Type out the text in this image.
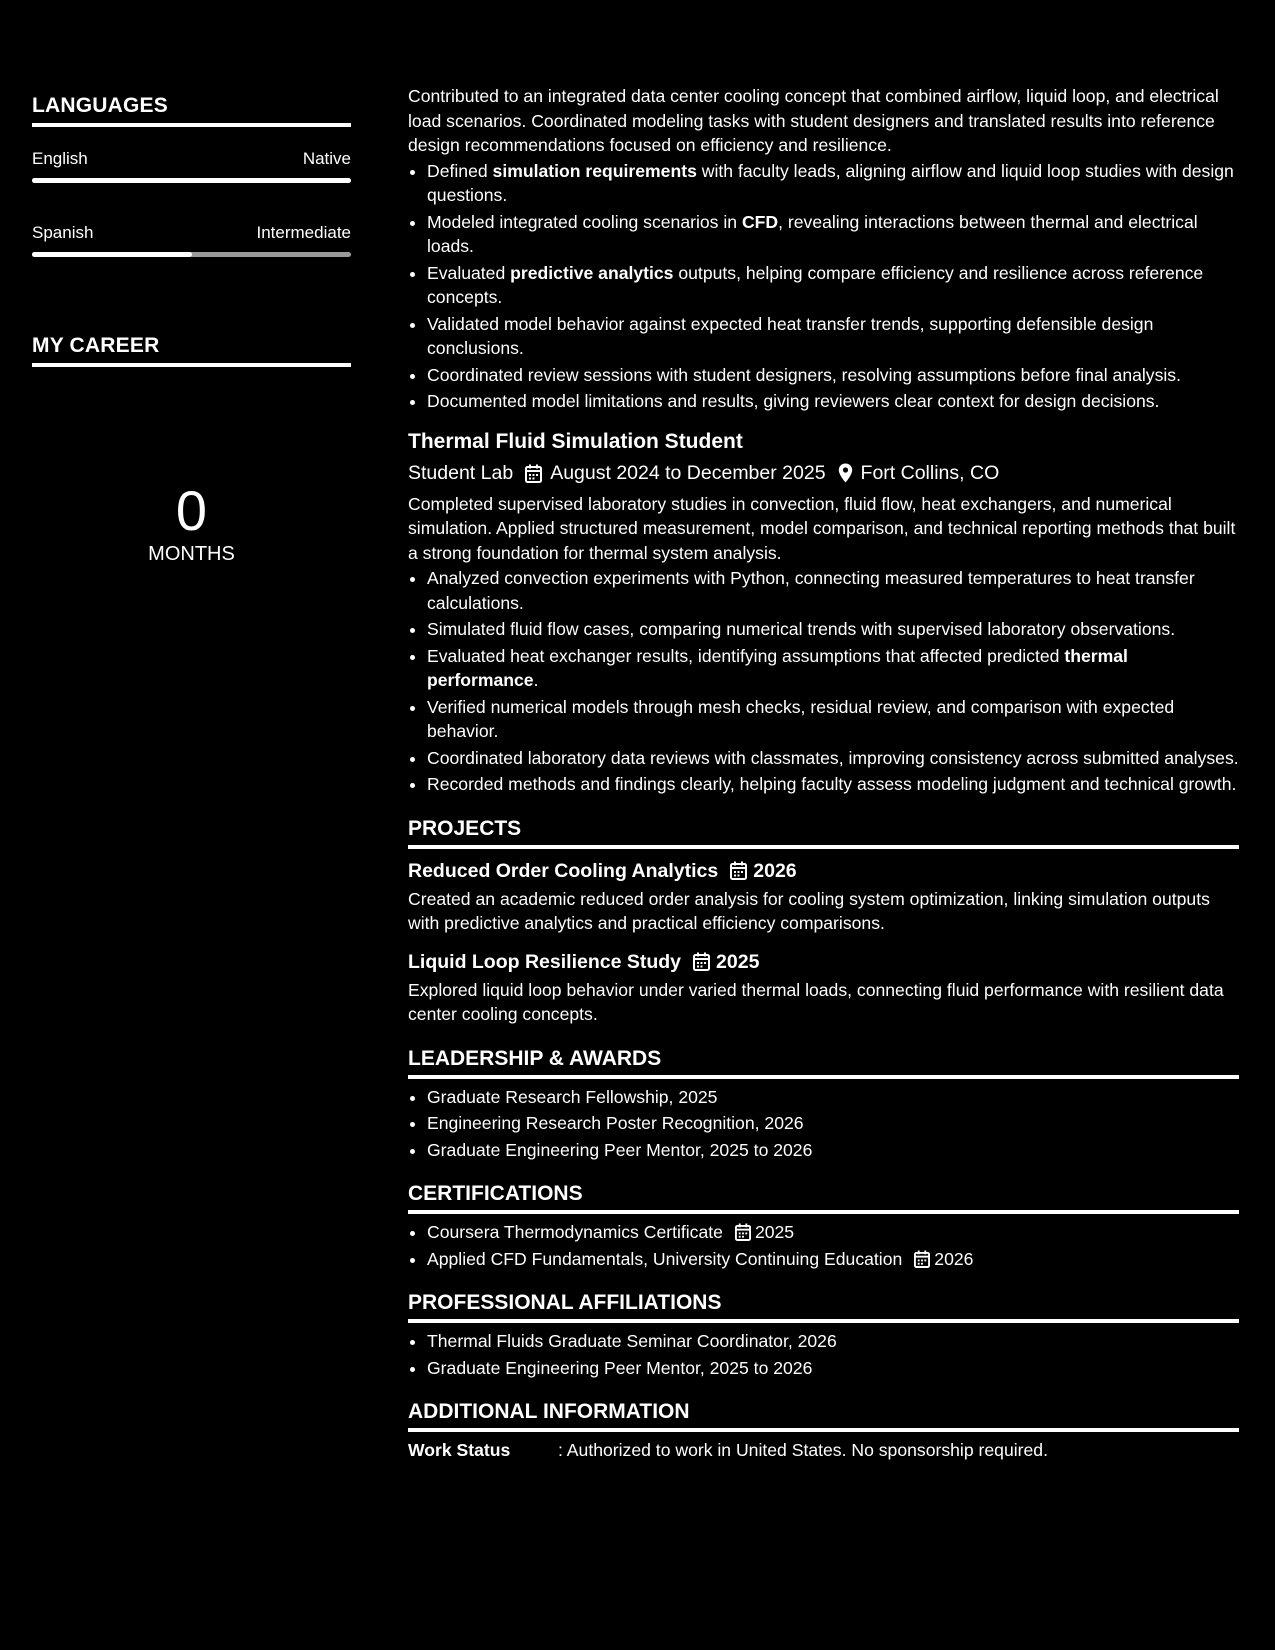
LANGUAGES
English	Native
Spanish	Intermediate
MY CAREER
0
MONTHS

Contributed to an integrated data center cooling concept that combined airflow, liquid loop, and electrical load scenarios. Coordinated modeling tasks with student designers and translated results into reference design recommendations focused on efficiency and resilience.

• Defined simulation requirements with faculty leads, aligning airflow and liquid loop studies with design questions.
• Modeled integrated cooling scenarios in CFD, revealing interactions between thermal and electrical loads.
• Evaluated predictive analytics outputs, helping compare efficiency and resilience across reference concepts.
• Validated model behavior against expected heat transfer trends, supporting defensible design conclusions.
• Coordinated review sessions with student designers, resolving assumptions before final analysis.
• Documented model limitations and results, giving reviewers clear context for design decisions.
Thermal Fluid Simulation Student
Student Lab August 2024 to December 2025 Fort Collins, CO

Completed supervised laboratory studies in convection, fluid flow, heat exchangers, and numerical simulation. Applied structured measurement, model comparison, and technical reporting methods that built a strong foundation for thermal system analysis.

• Analyzed convection experiments with Python, connecting measured temperatures to heat transfer calculations.
• Simulated fluid flow cases, comparing numerical trends with supervised laboratory observations.
• Evaluated heat exchanger results, identifying assumptions that affected predicted thermal performance.
• Verified numerical models through mesh checks, residual review, and comparison with expected behavior.
• Coordinated laboratory data reviews with classmates, improving consistency across submitted analyses.
• Recorded methods and findings clearly, helping faculty assess modeling judgment and technical growth.
PROJECTS
Reduced Order Cooling Analytics 2026
Created an academic reduced order analysis for cooling system optimization, linking simulation outputs with predictive analytics and practical efficiency comparisons.
Liquid Loop Resilience Study 2025
Explored liquid loop behavior under varied thermal loads, connecting fluid performance with resilient data center cooling concepts.
LEADERSHIP & AWARDS
• Graduate Research Fellowship, 2025
• Engineering Research Poster Recognition, 2026
• Graduate Engineering Peer Mentor, 2025 to 2026
CERTIFICATIONS
• Coursera Thermodynamics Certificate 2025
• Applied CFD Fundamentals, University Continuing Education 2026
PROFESSIONAL AFFILIATIONS
• Thermal Fluids Graduate Seminar Coordinator, 2026
• Graduate Engineering Peer Mentor, 2025 to 2026
ADDITIONAL INFORMATION
Work Status	: Authorized to work in United States. No sponsorship required.
